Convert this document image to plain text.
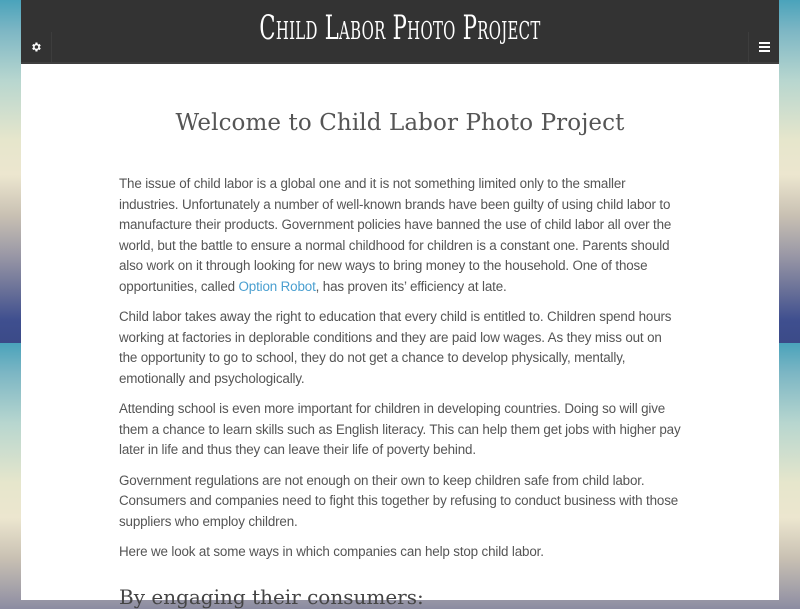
Child Labor Photo Project
Welcome to Child Labor Photo Project

The issue of child labor is a global one and it is not something limited only to the smaller industries. Unfortunately a number of well-known brands have been guilty of using child labor to manufacture their products. Government policies have banned the use of child labor all over the world, but the battle to ensure a normal childhood for children is a constant one. Parents should also work on it through looking for new ways to bring money to the household. One of those opportunities, called Option Robot, has proven its’ efficiency at late.

Child labor takes away the right to education that every child is entitled to. Children spend hours working at factories in deplorable conditions and they are paid low wages. As they miss out on the opportunity to go to school, they do not get a chance to develop physically, mentally, emotionally and psychologically.

Attending school is even more important for children in developing countries. Doing so will give them a chance to learn skills such as English literacy. This can help them get jobs with higher pay later in life and thus they can leave their life of poverty behind.

Government regulations are not enough on their own to keep children safe from child labor. Consumers and companies need to fight this together by refusing to conduct business with those suppliers who employ children.

Here we look at some ways in which companies can help stop child labor.

By engaging their consumers:
